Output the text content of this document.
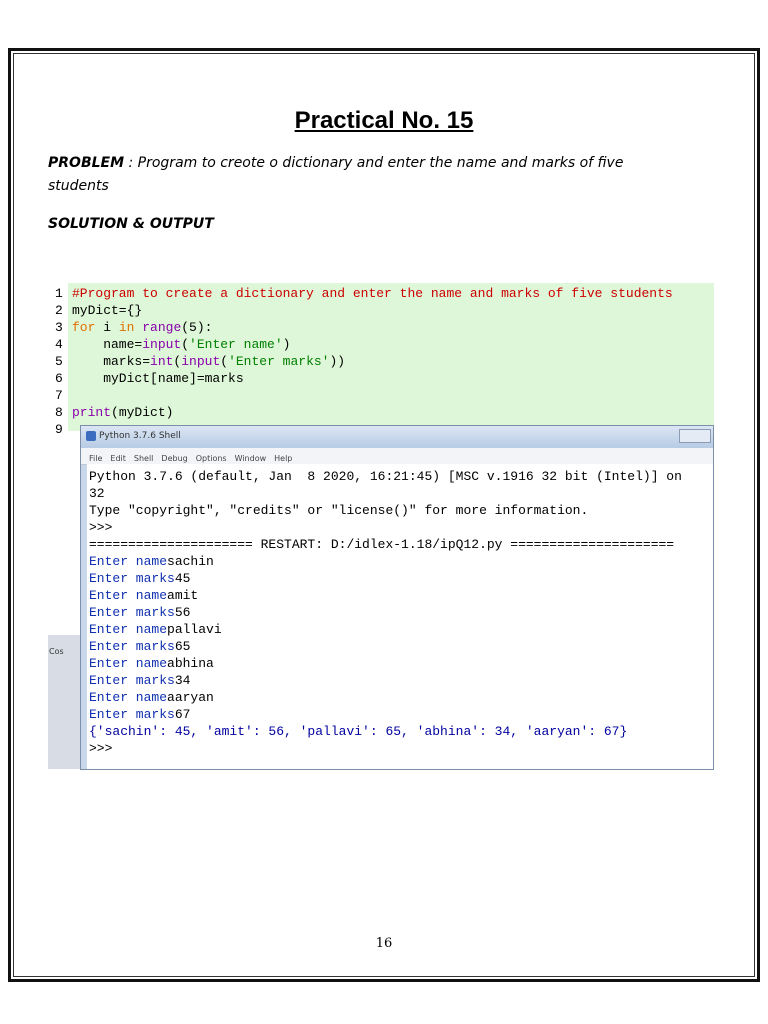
Practical No. 15
PROBLEM : Program to creote o dictionary and enter the name and marks of five students
SOLUTION & OUTPUT
#Program to create a dictionary and enter the name and marks of five students
myDict={}
for i in range(5):
name=input('Enter name')
marks=int(input('Enter marks'))
myDict[name]=marks
print(myDict)
Cos
Python 3.7.6 Shell
File Edit Shell Debug Options Window Help
Python 3.7.6 (default, Jan  8 2020, 16:21:45) [MSC v.1916 32 bit (Intel)] on
32
Type "copyright", "credits" or "license()" for more information.
>>>
===================== RESTART: D:/idlex-1.18/ipQ12.py =====================
{'sachin': 45, 'amit': 56, 'pallavi': 65, 'abhina': 34, 'aaryan': 67}
>>>
Enter namesachin
Enter marks45
Enter nameamit
Enter marks56
Enter namepallavi
Enter marks65
Enter nameabhina
Enter marks34
Enter nameaaryan
Enter marks67
16
1
2
3
4
5
6
7
8
9
